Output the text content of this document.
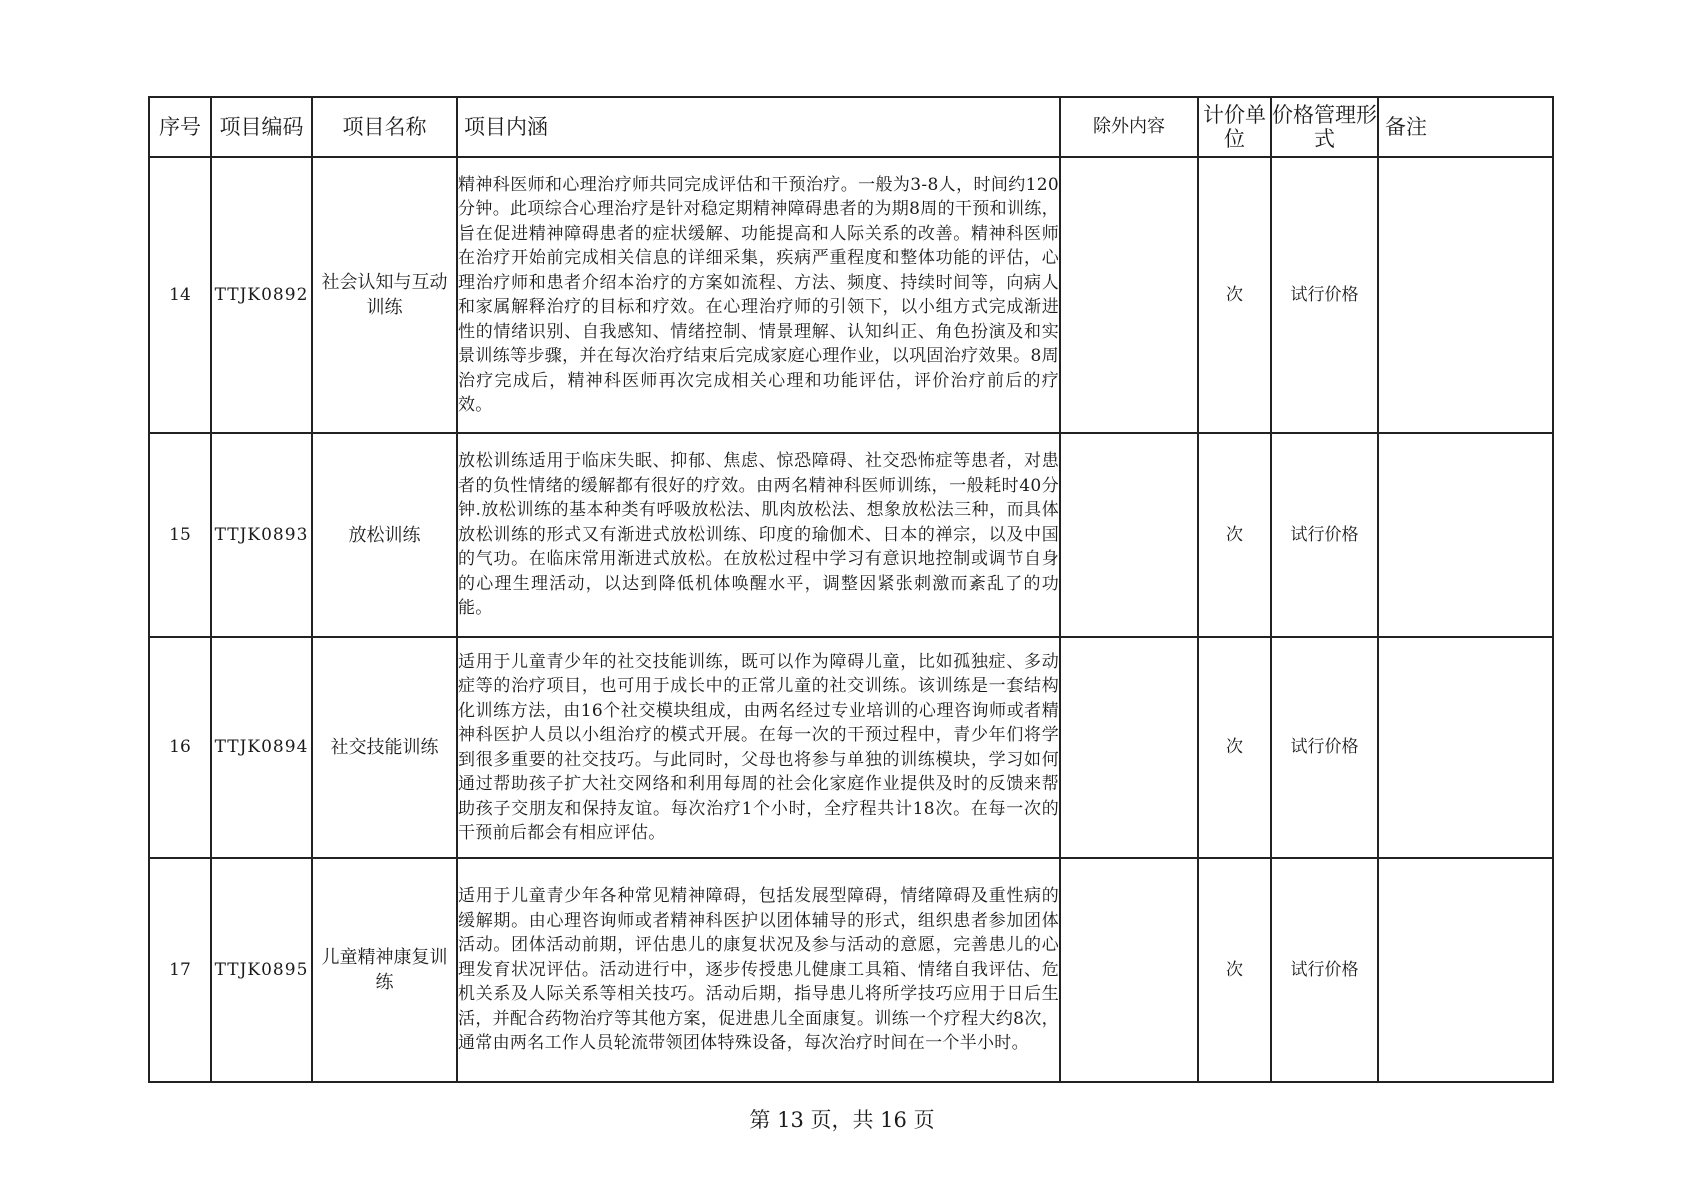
序号	项目编码	项目名称	项目内涵	除外内容	计价单位	价格管理形式	备注
14	TTJK0892	社会认知与互动训练	精神科医师和心理治疗师共同完成评估和干预治疗。一般为3-8人，时间约120分钟。此项综合心理治疗是针对稳定期精神障碍患者的为期8周的干预和训练，旨在促进精神障碍患者的症状缓解、功能提高和人际关系的改善。精神科医师在治疗开始前完成相关信息的详细采集，疾病严重程度和整体功能的评估，心理治疗师和患者介绍本治疗的方案如流程、方法、频度、持续时间等，向病人和家属解释治疗的目标和疗效。在心理治疗师的引领下，以小组方式完成渐进性的情绪识别、自我感知、情绪控制、情景理解、认知纠正、角色扮演及和实景训练等步骤，并在每次治疗结束后完成家庭心理作业，以巩固治疗效果。8周治疗完成后，精神科医师再次完成相关心理和功能评估，评价治疗前后的疗效。		次	试行价格	
15	TTJK0893	放松训练	放松训练适用于临床失眠、抑郁、焦虑、惊恐障碍、社交恐怖症等患者，对患者的负性情绪的缓解都有很好的疗效。由两名精神科医师训练，一般耗时40分钟.放松训练的基本种类有呼吸放松法、肌肉放松法、想象放松法三种，而具体放松训练的形式又有渐进式放松训练、印度的瑜伽术、日本的禅宗，以及中国的气功。在临床常用渐进式放松。在放松过程中学习有意识地控制或调节自身的心理生理活动，以达到降低机体唤醒水平，调整因紧张刺激而紊乱了的功能。		次	试行价格	
16	TTJK0894	社交技能训练	适用于儿童青少年的社交技能训练，既可以作为障碍儿童，比如孤独症、多动症等的治疗项目，也可用于成长中的正常儿童的社交训练。该训练是一套结构化训练方法，由16个社交模块组成，由两名经过专业培训的心理咨询师或者精神科医护人员以小组治疗的模式开展。在每一次的干预过程中，青少年们将学到很多重要的社交技巧。与此同时，父母也将参与单独的训练模块，学习如何通过帮助孩子扩大社交网络和利用每周的社会化家庭作业提供及时的反馈来帮助孩子交朋友和保持友谊。每次治疗1个小时，全疗程共计18次。在每一次的干预前后都会有相应评估。		次	试行价格	
17	TTJK0895	儿童精神康复训练	适用于儿童青少年各种常见精神障碍，包括发展型障碍，情绪障碍及重性病的缓解期。由心理咨询师或者精神科医护以团体辅导的形式，组织患者参加团体活动。团体活动前期，评估患儿的康复状况及参与活动的意愿，完善患儿的心理发育状况评估。活动进行中，逐步传授患儿健康工具箱、情绪自我评估、危机关系及人际关系等相关技巧。活动后期，指导患儿将所学技巧应用于日后生活，并配合药物治疗等其他方案，促进患儿全面康复。训练一个疗程大约8次，通常由两名工作人员轮流带领团体特殊设备，每次治疗时间在一个半小时。		次	试行价格	
第 13 页，共 16 页
